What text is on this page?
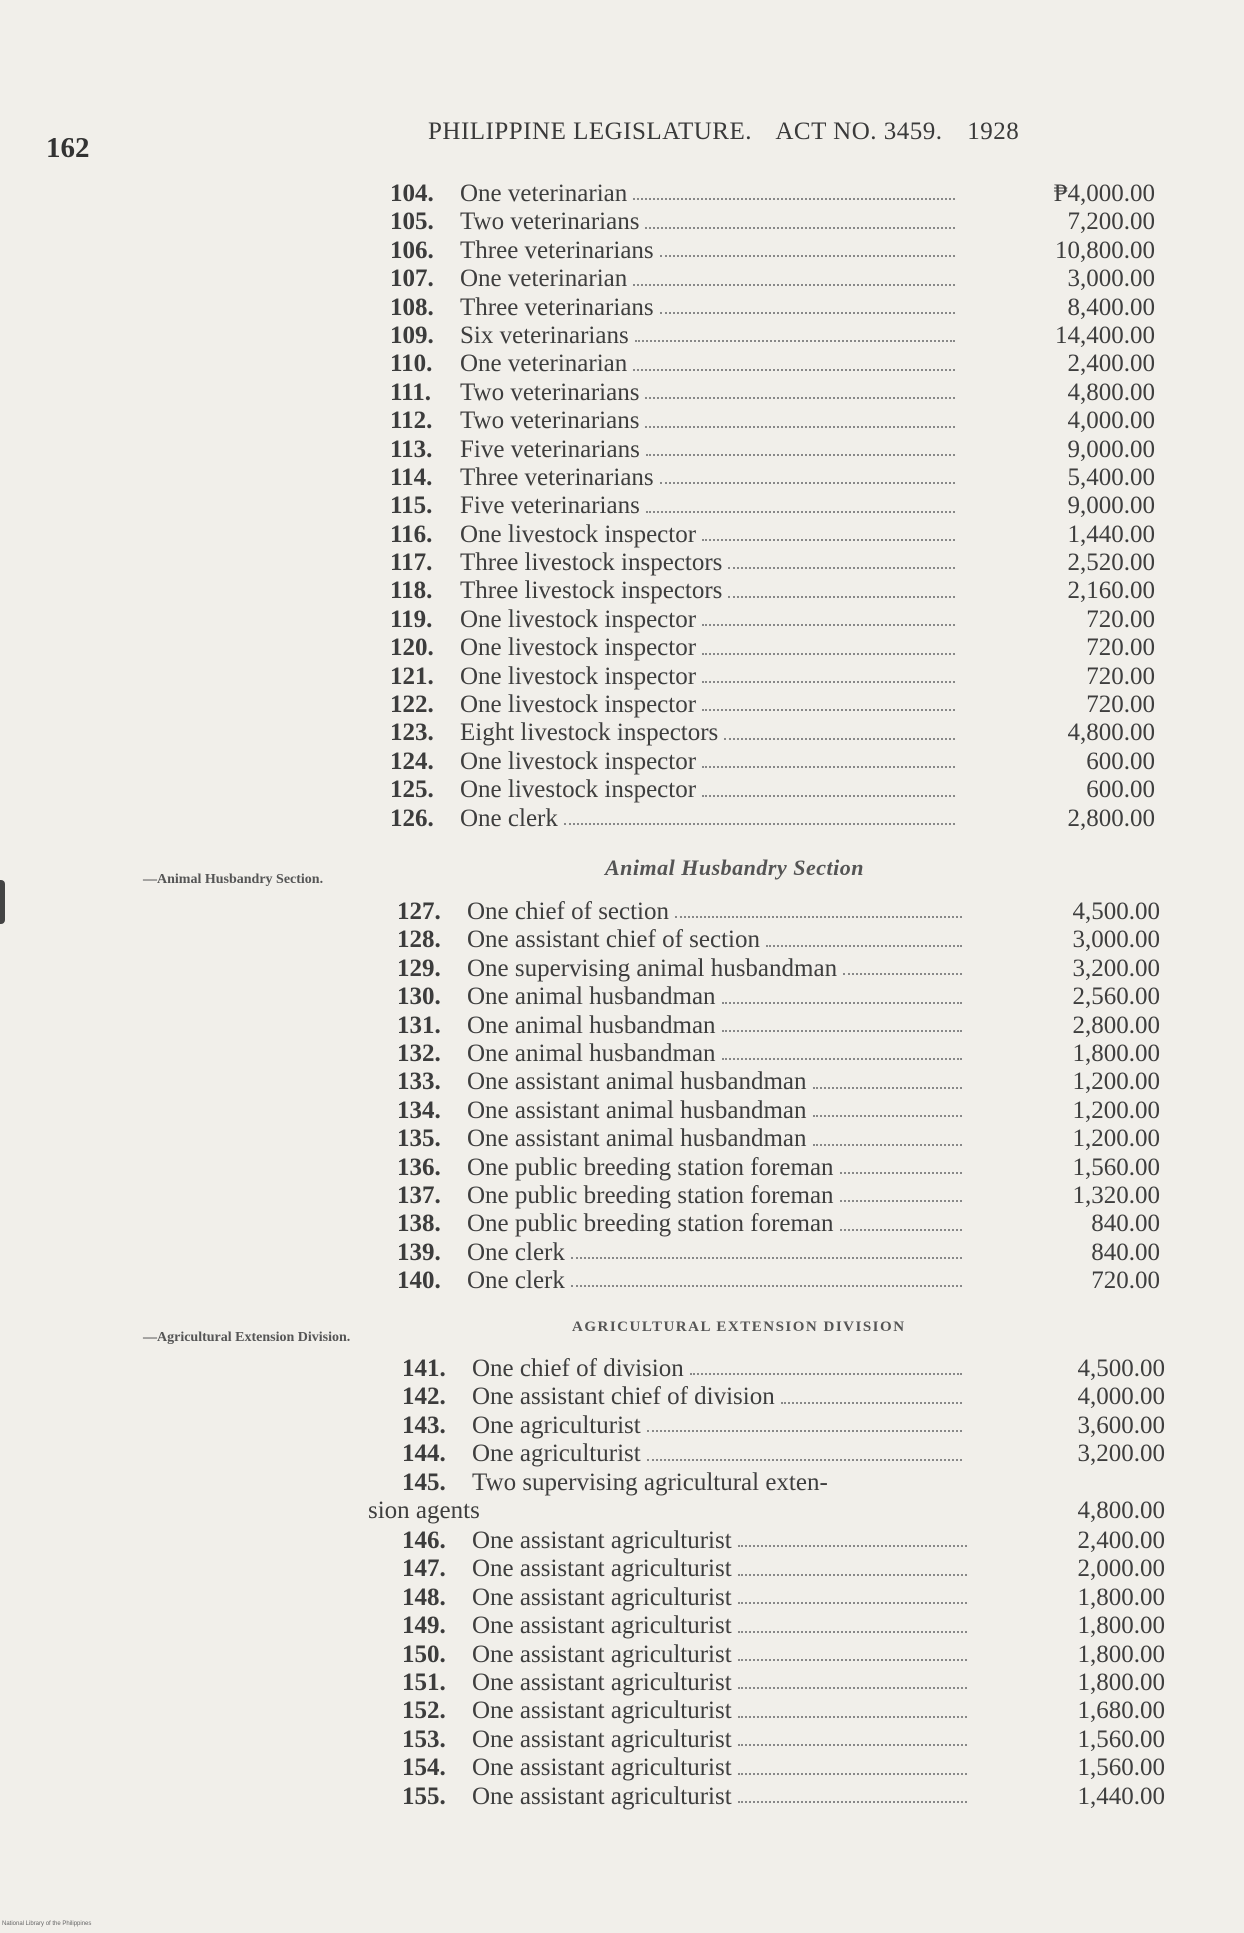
162
PHILIPPINE LEGISLATURE. ACT NO. 3459. 1928
104. One veterinarian	₱4,000.00
105. Two veterinarians	7,200.00
106. Three veterinarians	10,800.00
107. One veterinarian	3,000.00
108. Three veterinarians	8,400.00
109. Six veterinarians	14,400.00
110. One veterinarian	2,400.00
111. Two veterinarians	4,800.00
112. Two veterinarians	4,000.00
113. Five veterinarians	9,000.00
114. Three veterinarians	5,400.00
115. Five veterinarians	9,000.00
116. One livestock inspector	1,440.00
117. Three livestock inspectors	2,520.00
118. Three livestock inspectors	2,160.00
119. One livestock inspector	720.00
120. One livestock inspector	720.00
121. One livestock inspector	720.00
122. One livestock inspector	720.00
123. Eight livestock inspectors	4,800.00
124. One livestock inspector	600.00
125. One livestock inspector	600.00
126. One clerk	2,800.00
—Animal Husbandry Section.	Animal Husbandry Section
127. One chief of section	4,500.00
128. One assistant chief of section	3,000.00
129. One supervising animal husbandman	3,200.00
130. One animal husbandman	2,560.00
131. One animal husbandman	2,800.00
132. One animal husbandman	1,800.00
133. One assistant animal husbandman	1,200.00
134. One assistant animal husbandman	1,200.00
135. One assistant animal husbandman	1,200.00
136. One public breeding station foreman	1,560.00
137. One public breeding station foreman	1,320.00
138. One public breeding station foreman	840.00
139. One clerk	840.00
140. One clerk	720.00
—Agricultural Extension Division.
AGRICULTURAL EXTENSION DIVISION
141. One chief of division	4,500.00
142. One assistant chief of division	4,000.00
143. One agriculturist	3,600.00
144. One agriculturist	3,200.00
145. Two supervising agricultural exten-
sion agents	4,800.00
146. One assistant agriculturist	2,400.00
147. One assistant agriculturist	2,000.00
148. One assistant agriculturist	1,800.00
149. One assistant agriculturist	1,800.00
150. One assistant agriculturist	1,800.00
151. One assistant agriculturist	1,800.00
152. One assistant agriculturist	1,680.00
153. One assistant agriculturist	1,560.00
154. One assistant agriculturist	1,560.00
155. One assistant agriculturist	1,440.00
National Library of the Philippines
